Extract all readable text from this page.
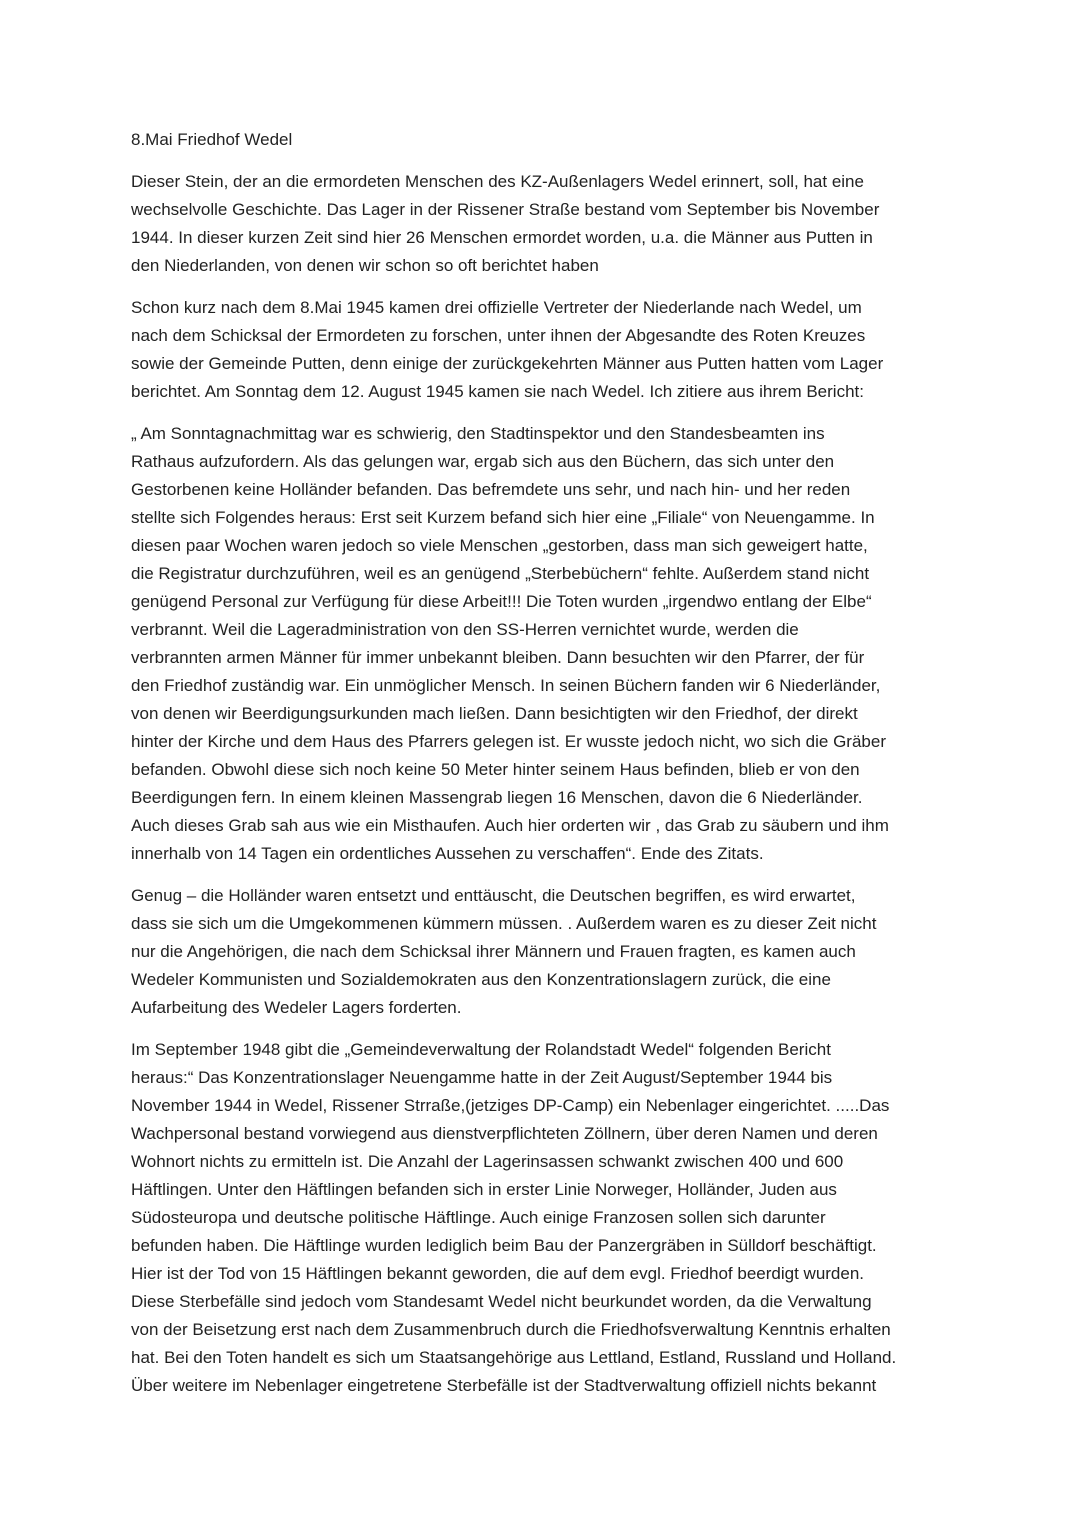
8.Mai Friedhof Wedel
Dieser Stein, der an die ermordeten Menschen des KZ-Außenlagers Wedel erinnert, soll, hat eine
wechselvolle Geschichte. Das Lager in der Rissener Straße bestand vom September bis November
1944. In dieser kurzen Zeit sind hier 26 Menschen ermordet worden, u.a. die Männer aus Putten in
den Niederlanden, von denen wir schon so oft berichtet haben
Schon kurz nach dem 8.Mai 1945 kamen drei offizielle Vertreter der Niederlande nach Wedel, um
nach dem Schicksal der Ermordeten zu forschen, unter ihnen der Abgesandte des Roten Kreuzes
sowie der Gemeinde Putten, denn einige der zurückgekehrten Männer aus Putten hatten vom Lager
berichtet. Am Sonntag dem 12. August 1945 kamen sie nach Wedel. Ich zitiere aus ihrem Bericht:
„ Am Sonntagnachmittag war es schwierig, den Stadtinspektor und den Standesbeamten ins
Rathaus aufzufordern. Als das gelungen war, ergab sich aus den Büchern, das sich unter den
Gestorbenen keine Holländer befanden. Das befremdete uns sehr, und nach hin- und her reden
stellte sich Folgendes heraus: Erst seit Kurzem befand sich hier eine „Filiale“ von Neuengamme. In
diesen paar Wochen waren jedoch so viele Menschen „gestorben, dass man sich geweigert hatte,
die Registratur durchzuführen, weil es an genügend „Sterbebüchern“ fehlte. Außerdem stand nicht
genügend Personal zur Verfügung für diese Arbeit!!! Die Toten wurden „irgendwo entlang der Elbe“
verbrannt. Weil die Lageradministration von den SS-Herren vernichtet wurde, werden die
verbrannten armen Männer für immer unbekannt bleiben. Dann besuchten wir den Pfarrer, der für
den Friedhof zuständig war. Ein unmöglicher Mensch. In seinen Büchern fanden wir 6 Niederländer,
von denen wir Beerdigungsurkunden mach ließen. Dann besichtigten wir den Friedhof, der direkt
hinter der Kirche und dem Haus des Pfarrers gelegen ist. Er wusste jedoch nicht, wo sich die Gräber
befanden. Obwohl diese sich noch keine 50 Meter hinter seinem Haus befinden, blieb er von den
Beerdigungen fern. In einem kleinen Massengrab liegen 16 Menschen, davon die 6 Niederländer.
Auch dieses Grab sah aus wie ein Misthaufen. Auch hier orderten wir , das Grab zu säubern und ihm
innerhalb von 14 Tagen ein ordentliches Aussehen zu verschaffen“. Ende des Zitats.
Genug – die Holländer waren entsetzt und enttäuscht, die Deutschen begriffen, es wird erwartet,
dass sie sich um die Umgekommenen kümmern müssen. . Außerdem waren es zu dieser Zeit nicht
nur die Angehörigen, die nach dem Schicksal ihrer Männern und Frauen fragten, es kamen auch
Wedeler Kommunisten und Sozialdemokraten aus den Konzentrationslagern zurück, die eine
Aufarbeitung des Wedeler Lagers forderten.
Im September 1948 gibt die „Gemeindeverwaltung der Rolandstadt Wedel“ folgenden Bericht
heraus:“ Das Konzentrationslager Neuengamme hatte in der Zeit August/September 1944 bis
November 1944 in Wedel, Rissener Strraße,(jetziges DP-Camp) ein Nebenlager eingerichtet. .....Das
Wachpersonal bestand vorwiegend aus dienstverpflichteten Zöllnern, über deren Namen und deren
Wohnort nichts zu ermitteln ist. Die Anzahl der Lagerinsassen schwankt zwischen 400 und 600
Häftlingen. Unter den Häftlingen befanden sich in erster Linie Norweger, Holländer, Juden aus
Südosteuropa und deutsche politische Häftlinge. Auch einige Franzosen sollen sich darunter
befunden haben. Die Häftlinge wurden lediglich beim Bau der Panzergräben in Sülldorf beschäftigt.
Hier ist der Tod von 15 Häftlingen bekannt geworden, die auf dem evgl. Friedhof beerdigt wurden.
Diese Sterbefälle sind jedoch vom Standesamt Wedel nicht beurkundet worden, da die Verwaltung
von der Beisetzung erst nach dem Zusammenbruch durch die Friedhofsverwaltung Kenntnis erhalten
hat. Bei den Toten handelt es sich um Staatsangehörige aus Lettland, Estland, Russland und Holland.
Über weitere im Nebenlager eingetretene Sterbefälle ist der Stadtverwaltung offiziell nichts bekannt
